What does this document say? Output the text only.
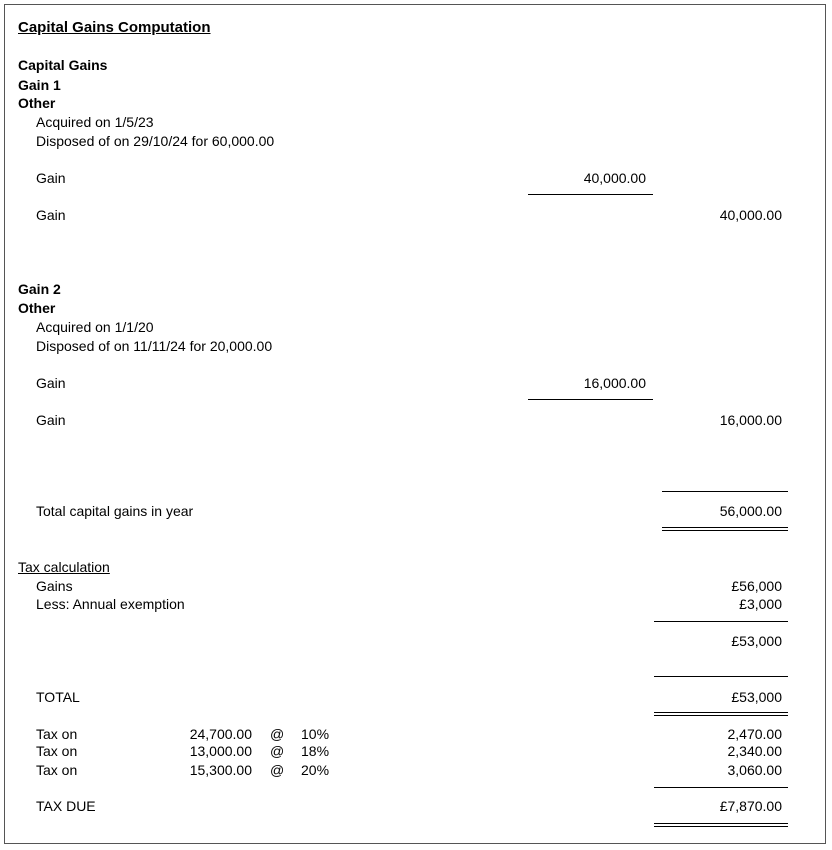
Capital Gains Computation
Capital Gains
Gain 1
Other
Acquired on 1/5/23
Disposed of on 29/10/24 for 60,000.00
Gain	40,000.00
Gain	40,000.00
Gain 2
Other
Acquired on 1/1/20
Disposed of on 11/11/24 for 20,000.00
Gain	16,000.00
Gain	16,000.00
Total capital gains in year	56,000.00
Tax calculation
Gains	£56,000
Less: Annual exemption	£3,000
£53,000
TOTAL	£53,000
Tax on	24,700.00 @ 10%	2,470.00
Tax on	13,000.00 @ 18%	2,340.00
Tax on	15,300.00 @ 20%	3,060.00
TAX DUE	£7,870.00
